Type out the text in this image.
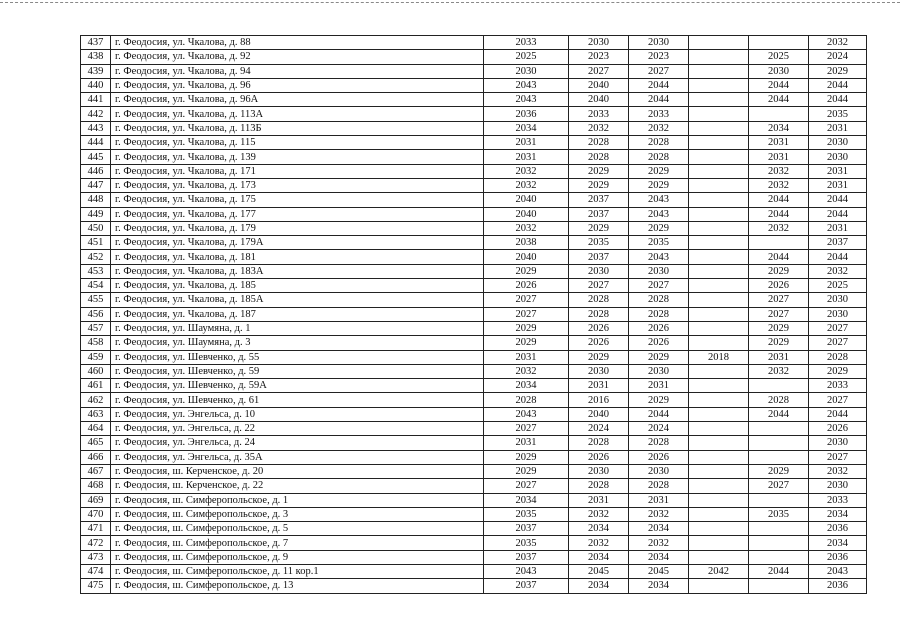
437	г. Феодосия, ул. Чкалова, д. 88	2033	2030	2030			2032
438	г. Феодосия, ул. Чкалова, д. 92	2025	2023	2023		2025	2024
439	г. Феодосия, ул. Чкалова, д. 94	2030	2027	2027		2030	2029
440	г. Феодосия, ул. Чкалова, д. 96	2043	2040	2044		2044	2044
441	г. Феодосия, ул. Чкалова, д. 96А	2043	2040	2044		2044	2044
442	г. Феодосия, ул. Чкалова, д. 113А	2036	2033	2033			2035
443	г. Феодосия, ул. Чкалова, д. 113Б	2034	2032	2032		2034	2031
444	г. Феодосия, ул. Чкалова, д. 115	2031	2028	2028		2031	2030
445	г. Феодосия, ул. Чкалова, д. 139	2031	2028	2028		2031	2030
446	г. Феодосия, ул. Чкалова, д. 171	2032	2029	2029		2032	2031
447	г. Феодосия, ул. Чкалова, д. 173	2032	2029	2029		2032	2031
448	г. Феодосия, ул. Чкалова, д. 175	2040	2037	2043		2044	2044
449	г. Феодосия, ул. Чкалова, д. 177	2040	2037	2043		2044	2044
450	г. Феодосия, ул. Чкалова, д. 179	2032	2029	2029		2032	2031
451	г. Феодосия, ул. Чкалова, д. 179А	2038	2035	2035			2037
452	г. Феодосия, ул. Чкалова, д. 181	2040	2037	2043		2044	2044
453	г. Феодосия, ул. Чкалова, д. 183А	2029	2030	2030		2029	2032
454	г. Феодосия, ул. Чкалова, д. 185	2026	2027	2027		2026	2025
455	г. Феодосия, ул. Чкалова, д. 185А	2027	2028	2028		2027	2030
456	г. Феодосия, ул. Чкалова, д. 187	2027	2028	2028		2027	2030
457	г. Феодосия, ул. Шаумяна, д. 1	2029	2026	2026		2029	2027
458	г. Феодосия, ул. Шаумяна, д. 3	2029	2026	2026		2029	2027
459	г. Феодосия, ул. Шевченко, д. 55	2031	2029	2029	2018	2031	2028
460	г. Феодосия, ул. Шевченко, д. 59	2032	2030	2030		2032	2029
461	г. Феодосия, ул. Шевченко, д. 59А	2034	2031	2031			2033
462	г. Феодосия, ул. Шевченко, д. 61	2028	2016	2029		2028	2027
463	г. Феодосия, ул. Энгельса, д. 10	2043	2040	2044		2044	2044
464	г. Феодосия, ул. Энгельса, д. 22	2027	2024	2024			2026
465	г. Феодосия, ул. Энгельса, д. 24	2031	2028	2028			2030
466	г. Феодосия, ул. Энгельса, д. 35А	2029	2026	2026			2027
467	г. Феодосия, ш. Керченское, д. 20	2029	2030	2030		2029	2032
468	г. Феодосия, ш. Керченское, д. 22	2027	2028	2028		2027	2030
469	г. Феодосия, ш. Симферопольское, д. 1	2034	2031	2031			2033
470	г. Феодосия, ш. Симферопольское, д. 3	2035	2032	2032		2035	2034
471	г. Феодосия, ш. Симферопольское, д. 5	2037	2034	2034			2036
472	г. Феодосия, ш. Симферопольское, д. 7	2035	2032	2032			2034
473	г. Феодосия, ш. Симферопольское, д. 9	2037	2034	2034			2036
474	г. Феодосия, ш. Симферопольское, д. 11 кор.1	2043	2045	2045	2042	2044	2043
475	г. Феодосия, ш. Симферопольское, д. 13	2037	2034	2034			2036
